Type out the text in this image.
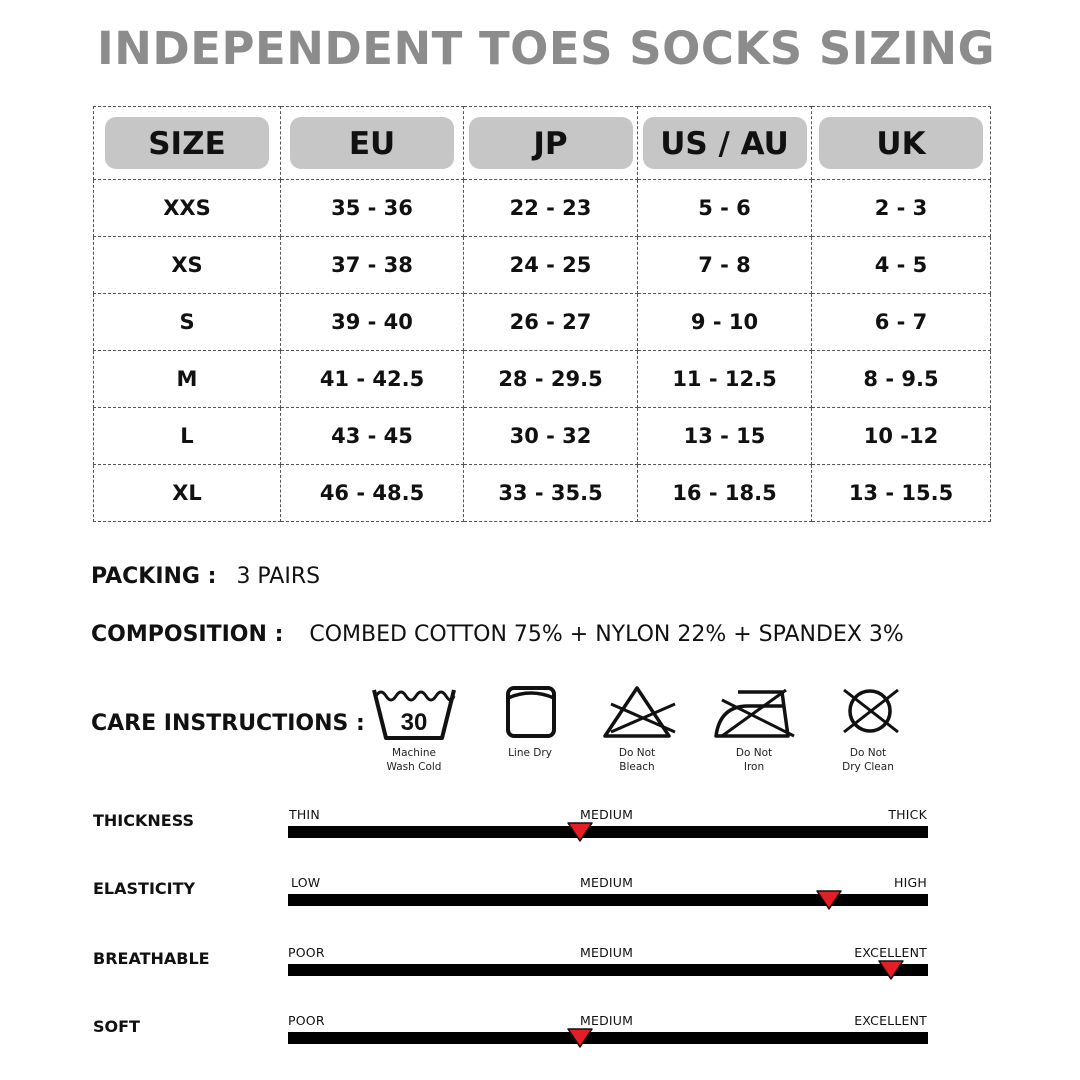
INDEPENDENT TOES SOCKS SIZING
SIZE	EU	JP	US / AU	UK

XXS	35 - 36	22 - 23	5 - 6	2 - 3
XS	37 - 38	24 - 25	7 - 8	4 - 5
S	39 - 40	26 - 27	9 - 10	6 - 7
M	41 - 42.5	28 - 29.5	11 - 12.5	8 - 9.5
L	43 - 45	30 - 32	13 - 15	10 -12
XL	46 - 48.5	33 - 35.5	16 - 18.5	13 - 15.5
PACKING : 3 PAIRS
COMPOSITION : COMBED COTTON 75% + NYLON 22% + SPANDEX 3%
CARE INSTRUCTIONS : 30
Machine
Wash Cold
Line Dry	Do Not
Bleach
Do Not
Iron
Do Not
Dry Clean
THICKNESS	THIN	MEDIUM	THICK
ELASTICITY	LOW	MEDIUM	HIGH
BREATHABLE	POOR	MEDIUM	EXCELLENT
SOFT	POOR	MEDIUM	EXCELLENT
